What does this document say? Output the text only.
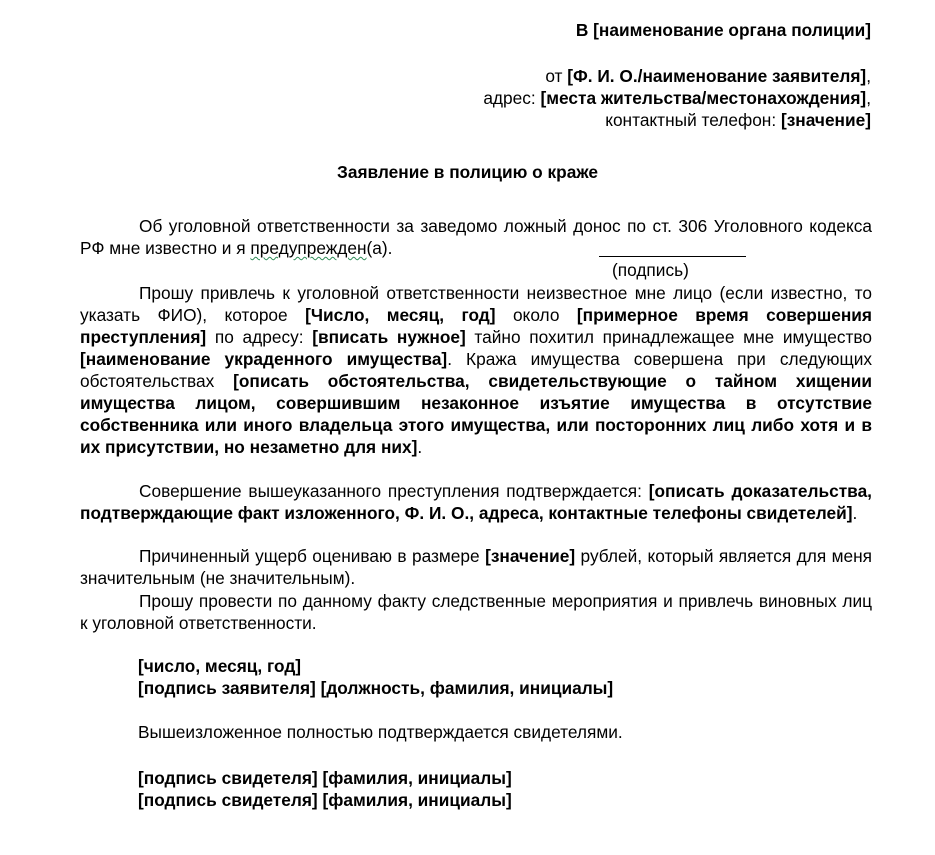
В [наименование органа полиции]
от [Ф. И. О./наименование заявителя],
адрес: [места жительства/местонахождения],
контактный телефон: [значение]
Заявление в полицию о краже
Об уголовной ответственности за заведомо ложный донос по ст. 306 Уголовного кодекса РФ мне известно и я предупрежден(а).
(подпись)
Прошу привлечь к уголовной ответственности неизвестное мне лицо (если известно, то указать ФИО), которое [Число, месяц, год] около [примерное время совершения преступления] по адресу: [вписать нужное] тайно похитил принадлежащее мне имущество [наименование украденного имущества]. Кража имущества совершена при следующих обстоятельствах [описать обстоятельства, свидетельствующие о тайном хищении имущества лицом, совершившим незаконное изъятие имущества в отсутствие собственника или иного владельца этого имущества, или посторонних лиц либо хотя и в их присутствии, но незаметно для них].
Совершение вышеуказанного преступления подтверждается: [описать доказательства, подтверждающие факт изложенного, Ф. И. О., адреса, контактные телефоны свидетелей].
Причиненный ущерб оцениваю в размере [значение] рублей, который является для меня значительным (не значительным).
Прошу провести по данному факту следственные мероприятия и привлечь виновных лиц к уголовной ответственности.
[число, месяц, год]
[подпись заявителя] [должность, фамилия, инициалы]
Вышеизложенное полностью подтверждается свидетелями.
[подпись свидетеля] [фамилия, инициалы]
[подпись свидетеля] [фамилия, инициалы]
